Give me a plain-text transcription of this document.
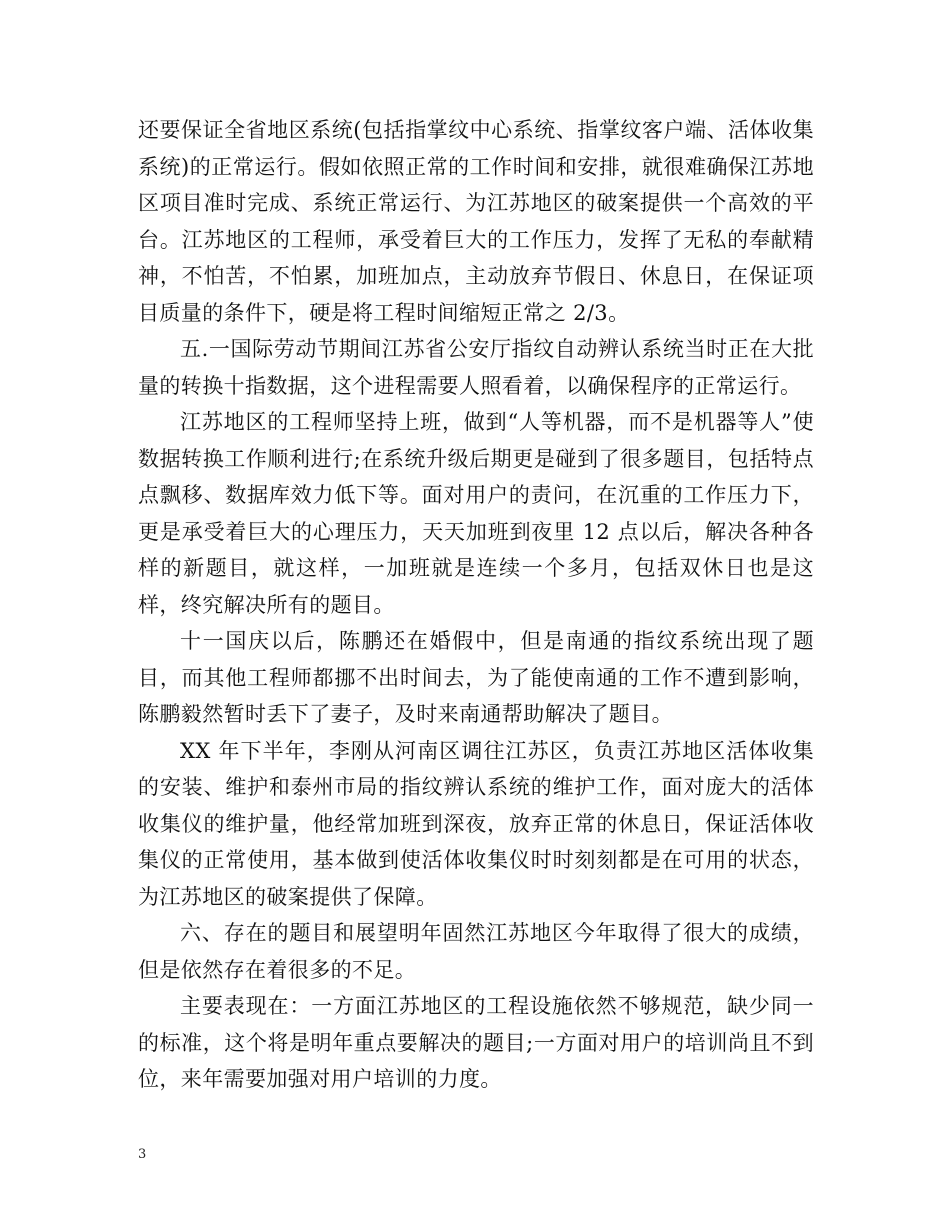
还要保证全省地区系统(包括指掌纹中心系统、指掌纹客户端、活体收集系统)的正常运行。假如依照正常的工作时间和安排，就很难确保江苏地区项目准时完成、系统正常运行、为江苏地区的破案提供一个高效的平台。江苏地区的工程师，承受着巨大的工作压力，发挥了无私的奉献精神，不怕苦，不怕累，加班加点，主动放弃节假日、休息日，在保证项目质量的条件下，硬是将工程时间缩短正常之 2/3。

五.一国际劳动节期间江苏省公安厅指纹自动辨认系统当时正在大批量的转换十指数据，这个进程需要人照看着，以确保程序的正常运行。

江苏地区的工程师坚持上班，做到“人等机器，而不是机器等人”使数据转换工作顺利进行;在系统升级后期更是碰到了很多题目，包括特点点飘移、数据库效力低下等。面对用户的责问，在沉重的工作压力下，更是承受着巨大的心理压力，天天加班到夜里 12 点以后，解决各种各样的新题目，就这样，一加班就是连续一个多月，包括双休日也是这样，终究解决所有的题目。

十一国庆以后，陈鹏还在婚假中，但是南通的指纹系统出现了题目，而其他工程师都挪不出时间去，为了能使南通的工作不遭到影响，陈鹏毅然暂时丢下了妻子，及时来南通帮助解决了题目。

XX 年下半年，李刚从河南区调往江苏区，负责江苏地区活体收集的安装、维护和泰州市局的指纹辨认系统的维护工作，面对庞大的活体收集仪的维护量，他经常加班到深夜，放弃正常的休息日，保证活体收集仪的正常使用，基本做到使活体收集仪时时刻刻都是在可用的状态，为江苏地区的破案提供了保障。

六、存在的题目和展望明年固然江苏地区今年取得了很大的成绩，但是依然存在着很多的不足。

主要表现在：一方面江苏地区的工程设施依然不够规范，缺少同一的标准，这个将是明年重点要解决的题目;一方面对用户的培训尚且不到位，来年需要加强对用户培训的力度。

3
